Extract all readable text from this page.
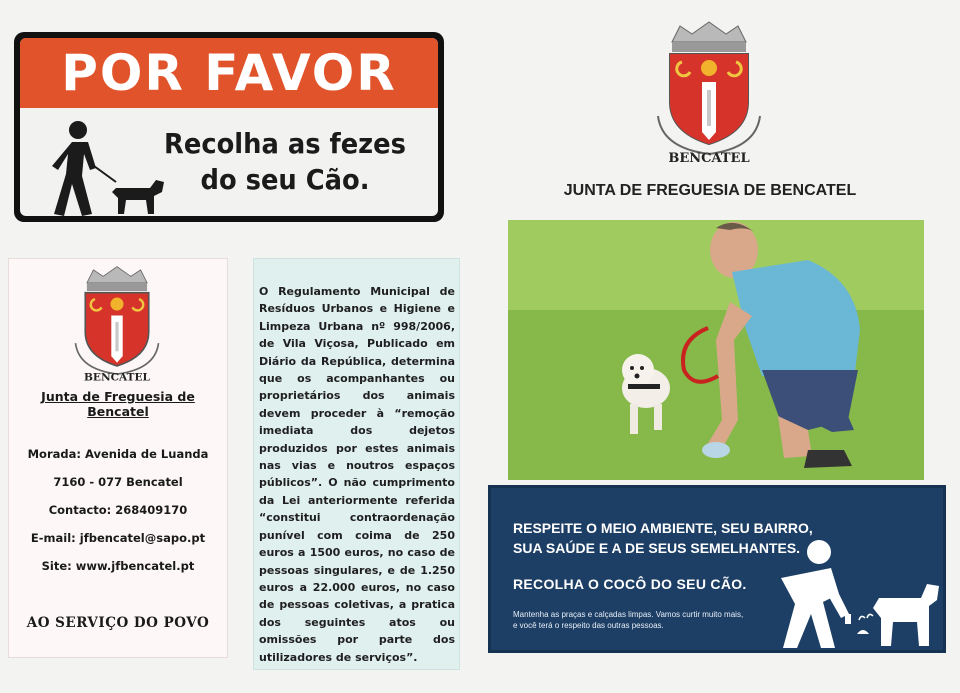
POR FAVOR
Recolha as fezes
do seu Cão.
BENCATEL
JUNTA DE FREGUESIA DE BENCATEL
RESPEITE O MEIO AMBIENTE, SEU BAIRRO,
SUA SAÚDE E A DE SEUS SEMELHANTES.
RECOLHA O COCÔ DO SEU CÃO.
Mantenha as praças e calçadas limpas. Vamos curtir muito mais,
e você terá o respeito das outras pessoas.
BENCATEL
Junta de Freguesia de Bencatel
Morada: Avenida de Luanda
7160 - 077 Bencatel
Contacto: 268409170
E-mail: jfbencatel@sapo.pt
Site: www.jfbencatel.pt
AO SERVIÇO DO POVO

O Regulamento Municipal de Resíduos Urbanos e Higiene e Limpeza Urbana nº 998/2006, de Vila Viçosa, Publicado em Diário da República, determina que os acompanhantes ou proprietários dos animais devem proceder à “remoção imediata dos dejetos produzidos por estes animais nas vias e noutros espaços públicos”. O não cumprimento da Lei anteriormente referida “constitui contraordenação punível com coima de 250 euros a 1500 euros, no caso de pessoas singulares, e de 1.250 euros a 22.000 euros, no caso de pessoas coletivas, a pratica dos seguintes atos ou omissões por parte dos utilizadores de serviços”.
